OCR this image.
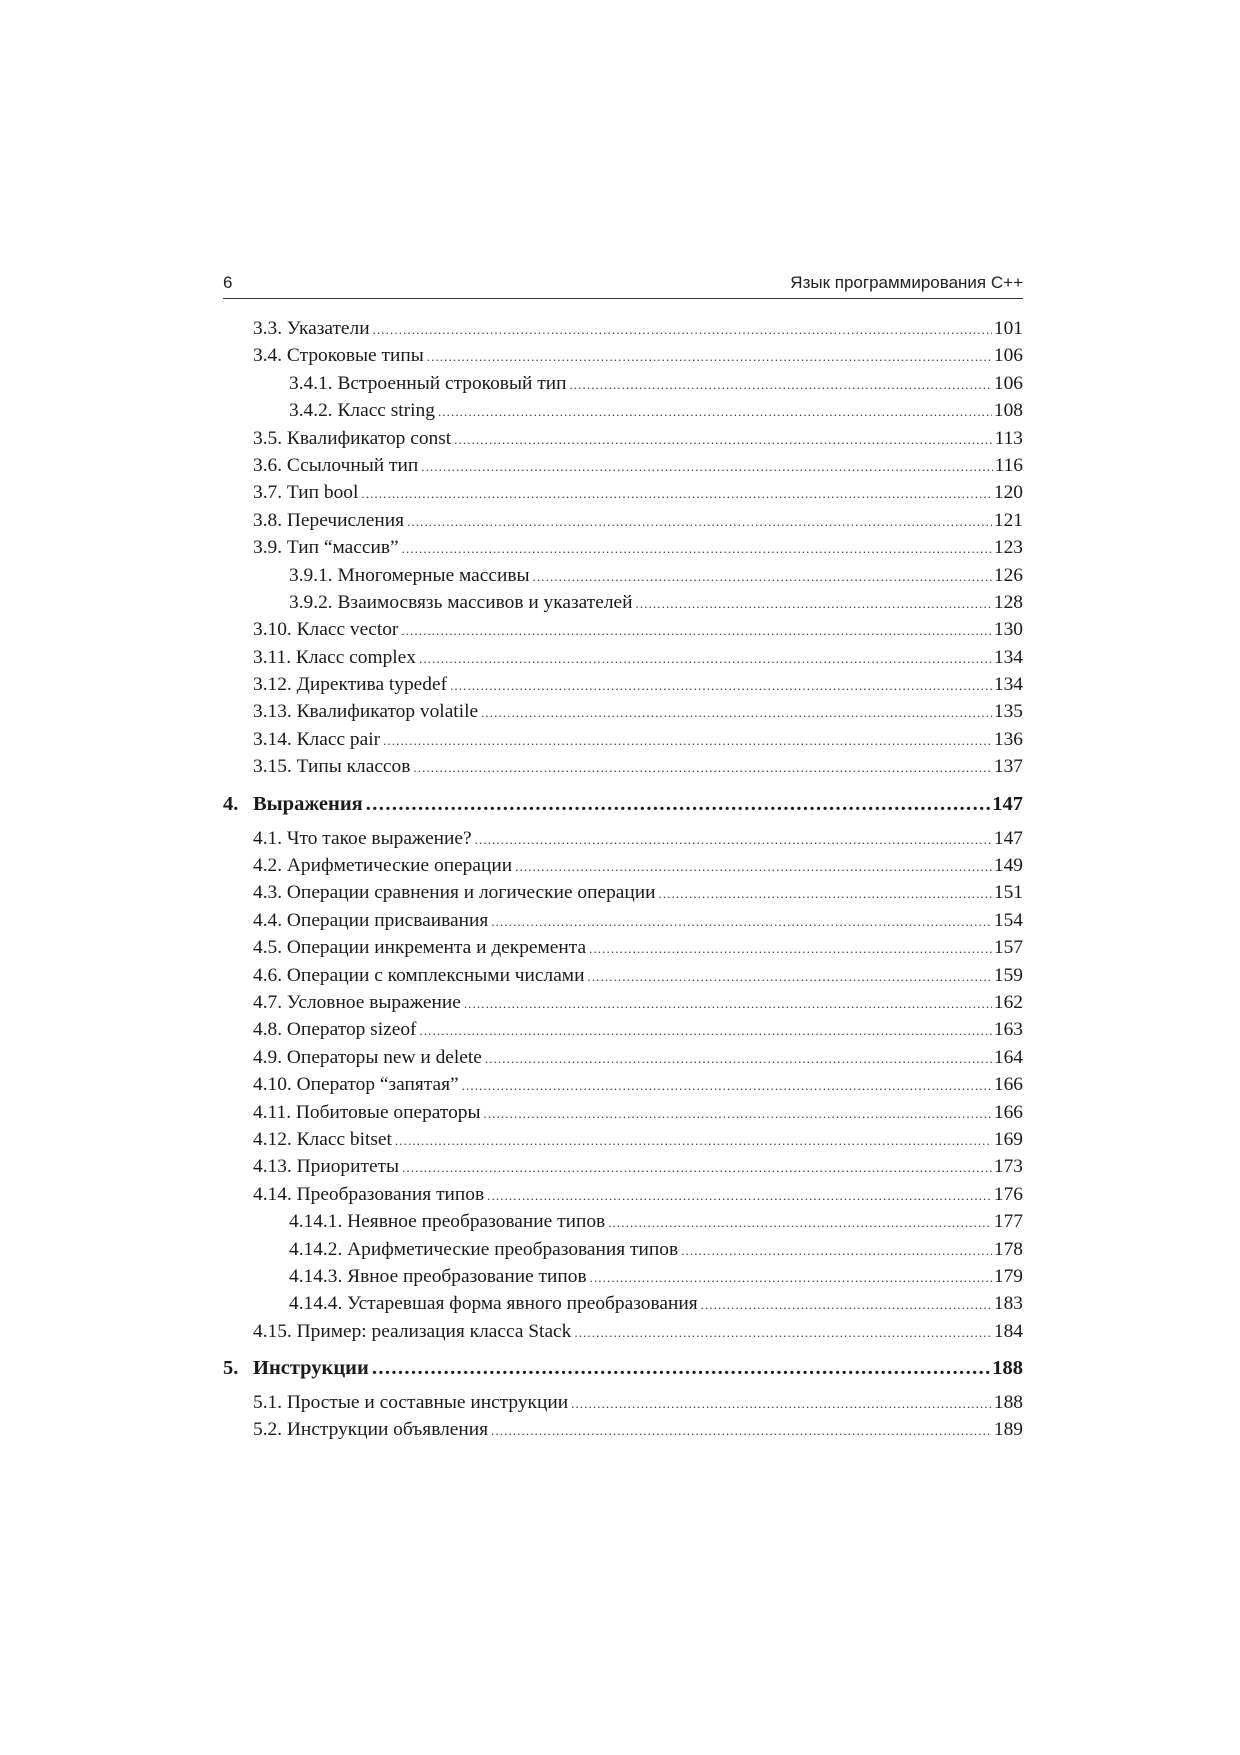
6	Язык программирования C++
3.3. Указатели .....	101
3.4. Строковые типы .....	106
3.4.1. Встроенный строковый тип .....	106
3.4.2. Класс string .....	108
3.5. Квалификатор const .....	113
3.6. Ссылочный тип .....	116
3.7. Тип bool .....	120
3.8. Перечисления .....	121
3.9. Тип “массив” .....	123
3.9.1. Многомерные массивы .....	126
3.9.2. Взаимосвязь массивов и указателей .....	128
3.10. Класс vector .....	130
3.11. Класс complex .....	134
3.12. Директива typedef .....	134
3.13. Квалификатор volatile .....	135
3.14. Класс pair .....	136
3.15. Типы классов .....	137
4. Выражения .....	147
4.1. Что такое выражение? .....	147
4.2. Арифметические операции .....	149
4.3. Операции сравнения и логические операции .....	151
4.4. Операции присваивания .....	154
4.5. Операции инкремента и декремента .....	157
4.6. Операции с комплексными числами .....	159
4.7. Условное выражение .....	162
4.8. Оператор sizeof .....	163
4.9. Операторы new и delete .....	164
4.10. Оператор “запятая” .....	166
4.11. Побитовые операторы .....	166
4.12. Класс bitset .....	169
4.13. Приоритеты .....	173
4.14. Преобразования типов .....	176
4.14.1. Неявное преобразование типов .....	177
4.14.2. Арифметические преобразования типов .....	178
4.14.3. Явное преобразование типов .....	179
4.14.4. Устаревшая форма явного преобразования .....	183
4.15. Пример: реализация класса Stack .....	184
5. Инструкции .....	188
5.1. Простые и составные инструкции .....	188
5.2. Инструкции объявления .....	189
